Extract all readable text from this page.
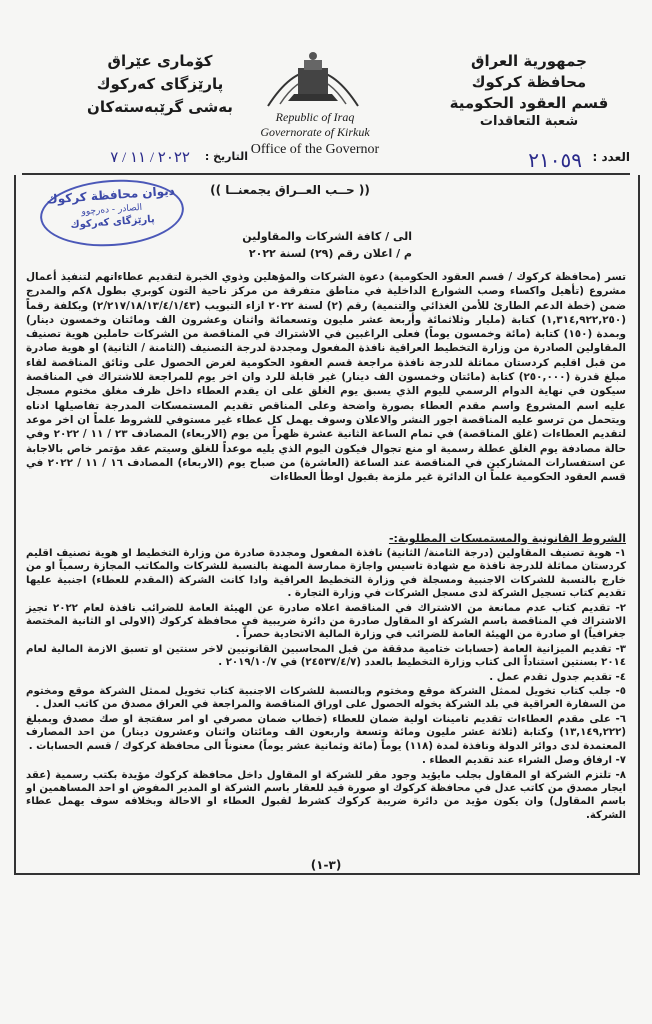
جمهورية العراق
محافظة كركوك
قسم العقود الحكومية
شعبة التعاقدات
كۆماری عێراق
پارێزگای كەركوك
بەشی گرێبەستەكان
Republic of Iraq
Governorate of Kirkuk
Office of the Governor	العدد :
٢١٠٥٩
التاريخ :
٢٠٢٢ / ١١ / ٧
ديوان محافظة كركوك
الصادر - دەرچوو
پارێزگای کەرکوك
(( حــب العــراق يجمعنــا ))
الى / كافة الشركات والمقاولين
م / اعلان رقم (٢٩) لسنة ٢٠٢٢
تسر (محافظة كركوك / قسم العقود الحكومية) دعوة الشركات والمؤهلين وذوي الخبرة لتقديم عطاءاتهم لتنفيذ أعمال مشروع (تأهيل واكساء وصب الشوارع الداخلية في مناطق متفرقة من مركز ناحية التون كوبري بطول ٨كم والمدرج ضمن (خطة الدعم الطارئ للأمن الغذائي والتنمية) رقم (٢) لسنة ٢٠٢٢ ازاء التبويب (٢/٢١٧/١٨/١٣/٤/١/٤٣) وبكلفة رقماً (١,٣١٤,٩٢٢,٢٥٠) كتابة (مليار وثلاثمائة وأربعة عشر مليون وتسعمائة واثنان وعشرون الف ومائتان وخمسون دينار) وبمدة (١٥٠) كتابة (مائة وخمسون يوماً) فعلى الراغبين في الاشتراك في المناقصة من الشركات حاملين هوية تصنيف المقاولين الصادرة من وزارة التخطيط العراقية نافذة المفعول ومجددة لدرجة التصنيف (الثامنة / الثانية) او هوية صادرة من قبل اقليم كردستان مماثلة للدرجة نافذة مراجعة قسم العقود الحكومية لغرض الحصول على وثائق المناقصة لقاء مبلغ قدرة (٢٥٠,٠٠٠) كتابة (مائتان وخمسون الف دينار) غير قابلة للرد وان اخر يوم للمراجعة للاشتراك في المناقصة سيكون في نهاية الدوام الرسمي لليوم الذي يسبق يوم الغلق على ان يقدم العطاء داخل ظرف مغلق مختوم مسجل عليه اسم المشروع واسم مقدم العطاء بصورة واضحة وعلى المناقص تقديم المستمسكات المدرجة تفاصيلها ادناه ويتحمل من ترسو عليه المناقصة اجور النشر والاعلان وسوف يهمل كل عطاء غير مستوفي للشروط علماً ان اخر موعد لتقديم العطاءات (غلق المناقصة) في تمام الساعة الثانية عشرة ظهراً من يوم (الاربعاء) المصادف ٢٣ / ١١ / ٢٠٢٢ وفي حالة مصادفة يوم الغلق عطلة رسمية او منع تجوال فيكون اليوم الذي يليه موعداً للغلق وسيتم عقد مؤتمر خاص بالاجابة عن استفسارات المشاركين في المناقصة عند الساعة (العاشرة) من صباح يوم (الاربعاء) المصادف ١٦ / ١١ / ٢٠٢٢ في قسم العقود الحكومية علماً ان الدائرة غير ملزمة بقبول اوطأ العطاءات
الشروط القانونية والمستمسكات المطلوبة:-

١- هوية تصنيف المقاولين (درجة الثامنة/ الثانية) نافذة المفعول ومجددة صادرة من وزارة التخطيط او هوية تصنيف اقليم كردستان مماثلة للدرجة نافذة مع شهادة تاسيس واجازة ممارسة المهنة بالنسبة للشركات والمكاتب المجازة رسمياً او من خارج بالنسبة للشركات الاجنبية ومسجلة في وزارة التخطيط العراقية وادا كانت الشركة (المقدم للعطاء) اجنبية عليها تقديم كتاب تسجيل الشركة لدى مسجل الشركات في وزارة التجارة .

٢- تقديم كتاب عدم ممانعة من الاشتراك في المناقصة اعلاه صادرة عن الهيئة العامة للضرائب نافذة لعام ٢٠٢٢ تجيز الاشتراك في المناقصة باسم الشركة او المقاول صادرة من دائرة ضريبية في محافظة كركوك (الاولى او الثانية المختصة جغرافياً) او صادرة من الهيئة العامة للضرائب في وزارة المالية الاتحادية حصراً .

٣- تقديم الميزانية العامة (حسابات ختامية مدققة من قبل المحاسبين القانونيين لاخر سنتين او تسبق الازمة المالية لعام ٢٠١٤ بسنتين استناداً الى كتاب وزارة التخطيط بالعدد (٢٤٥٣٧/٤/٧) في ٢٠١٩/١٠/٧ .

٤- تقديم جدول تقدم عمل .

٥- جلب كتاب تخويل لممثل الشركة موقع ومختوم وبالنسبة للشركات الاجنبية كتاب تخويل لممثل الشركة موقع ومختوم من السفارة العراقية في بلد الشركة يخوله الحصول على اوراق المناقصة والمراجعة في العراق مصدق من كاتب العدل .

٦- على مقدم العطاءات تقديم تامينات اولية ضمان للعطاء (خطاب ضمان مصرفي او امر سفتجة او صك مصدق وبمبلغ (١٣,١٤٩,٢٢٢) وكتابة (ثلاثة عشر مليون ومائة وتسعة واربعون الف ومائتان واثنان وعشرون دينار) من احد المصارف المعتمدة لدى دوائر الدولة ونافذة لمدة (١١٨) يوماً (مائة وثمانية عشر يوماً) معنوناً الى محافظة كركوك / قسم الحسابات .

٧- ارفاق وصل الشراء عند تقديم العطاء .

٨- تلتزم الشركة او المقاول بجلب مايؤيد وجود مقر للشركة او المقاول داخل محافظة كركوك مؤيدة بكتب رسمية (عقد ايجار مصدق من كاتب عدل في محافظة كركوك او صورة قيد للعقار باسم الشركة او المدير المفوض او احد المساهمين او باسم المقاول) وان يكون مؤيد من دائرة ضريبة كركوك كشرط لقبول العطاء او الاحالة وبخلافه سوف يهمل عطاء الشركة.

(٣-١)
